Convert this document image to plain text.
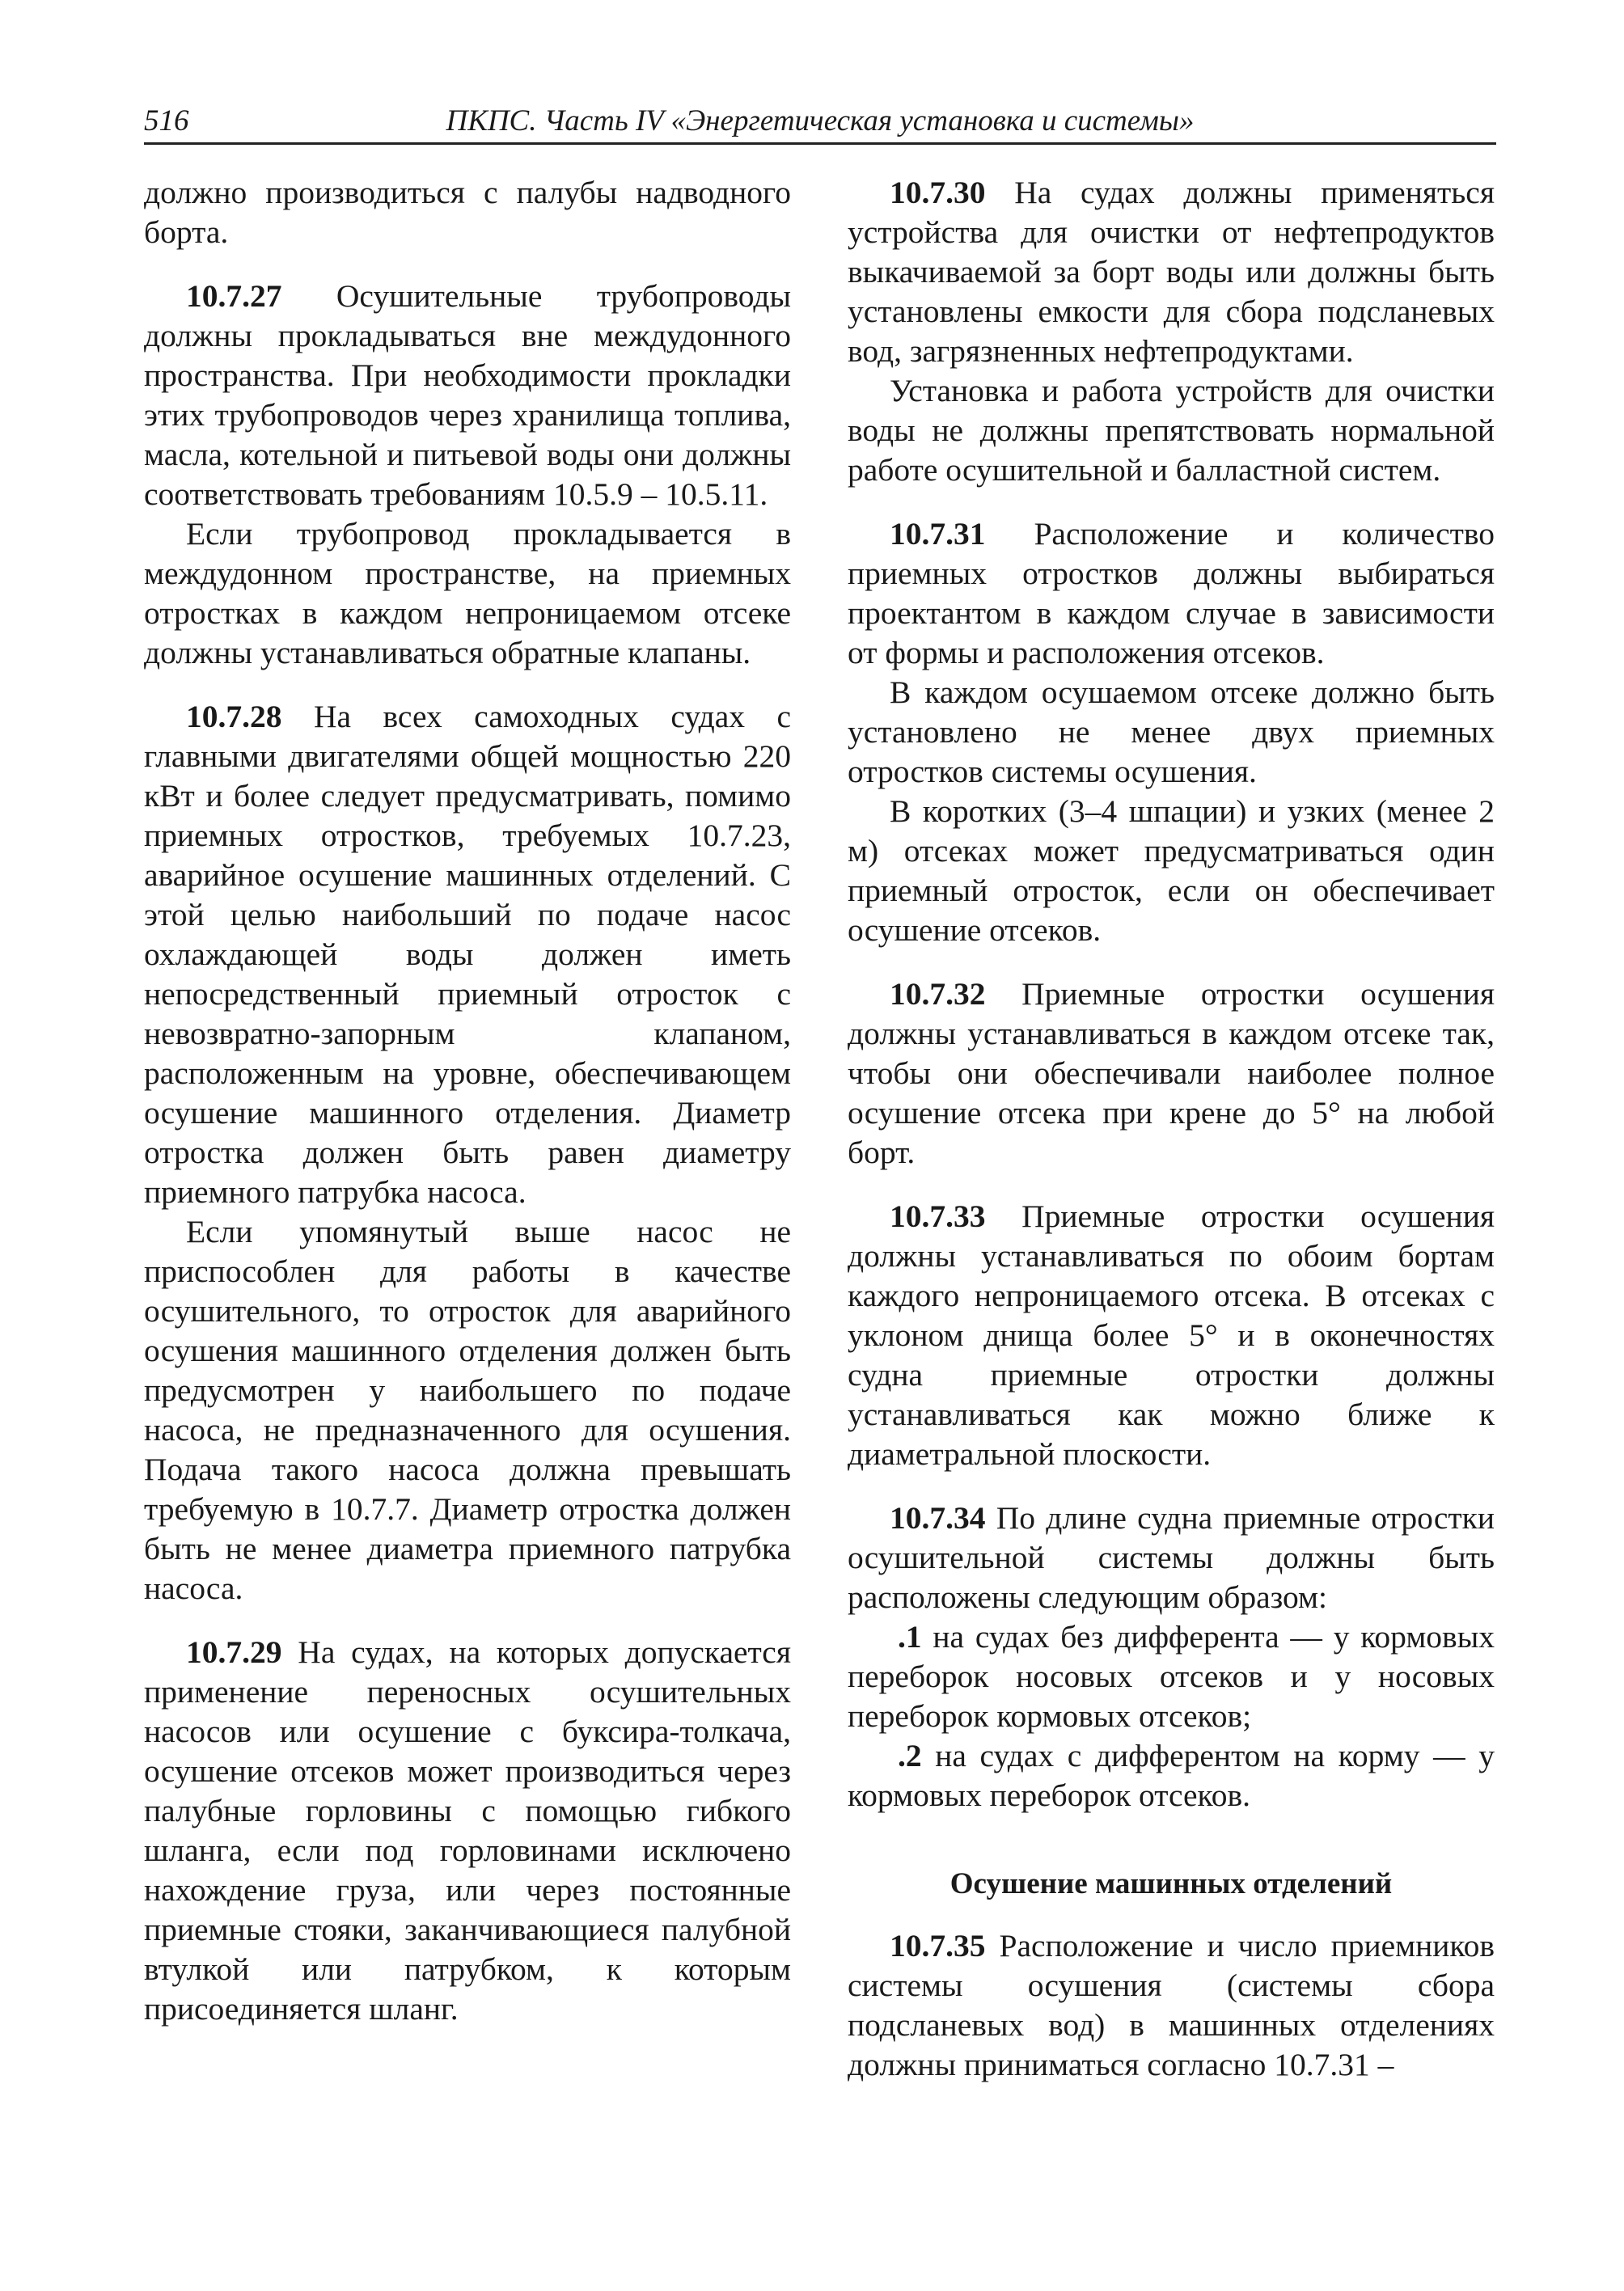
516	ПКПС. Часть IV «Энергетическая установка и системы»

должно производиться с палубы надводного борта.

10.7.27 Осушительные трубопроводы должны прокладываться вне междудонного пространства. При необходимости прокладки этих трубопроводов через хранилища топлива, масла, котельной и питьевой воды они должны соответствовать требованиям 10.5.9 – 10.5.11.

Если трубопровод прокладывается в междудонном пространстве, на приемных отростках в каждом непроницаемом отсеке должны устанавливаться обратные клапаны.

10.7.28 На всех самоходных судах с главными двигателями общей мощностью 220 кВт и более следует предусматривать, помимо приемных отростков, требуемых 10.7.23, аварийное осушение машинных отделений. С этой целью наибольший по подаче насос охлаждающей воды должен иметь непосредственный приемный отросток с невозвратно-запорным клапаном, расположенным на уровне, обеспечивающем осушение машинного отделения. Диаметр отростка должен быть равен диаметру приемного патрубка насоса.

Если упомянутый выше насос не приспособлен для работы в качестве осушительного, то отросток для аварийного осушения машинного отделения должен быть предусмотрен у наибольшего по подаче насоса, не предназначенного для осушения. Подача такого насоса должна превышать требуемую в 10.7.7. Диаметр отростка должен быть не менее диаметра приемного патрубка насоса.

10.7.29 На судах, на которых допускается применение переносных осушительных насосов или осушение с буксира-толкача, осушение отсеков может производиться через палубные горловины с помощью гибкого шланга, если под горловинами исключено нахождение груза, или через постоянные приемные стояки, заканчивающиеся палубной втулкой или патрубком, к которым присоединяется шланг.

10.7.30 На судах должны применяться устройства для очистки от нефтепродуктов выкачиваемой за борт воды или должны быть установлены емкости для сбора подсланевых вод, загрязненных нефтепродуктами.

Установка и работа устройств для очистки воды не должны препятствовать нормальной работе осушительной и балластной систем.

10.7.31 Расположение и количество приемных отростков должны выбираться проектантом в каждом случае в зависимости от формы и расположения отсеков.

В каждом осушаемом отсеке должно быть установлено не менее двух приемных отростков системы осушения.

В коротких (3–4 шпации) и узких (менее 2 м) отсеках может предусматриваться один приемный отросток, если он обеспечивает осушение отсеков.

10.7.32 Приемные отростки осушения должны устанавливаться в каждом отсеке так, чтобы они обеспечивали наиболее полное осушение отсека при крене до 5° на любой борт.

10.7.33 Приемные отростки осушения должны устанавливаться по обоим бортам каждого непроницаемого отсека. В отсеках с уклоном днища более 5° и в оконечностях судна приемные отростки должны устанавливаться как можно ближе к диаметральной плоскости.

10.7.34 По длине судна приемные отростки осушительной системы должны быть расположены следующим образом:

.1 на судах без дифферента — у кормовых переборок носовых отсеков и у носовых переборок кормовых отсеков;

.2 на судах с дифферентом на корму — у кормовых переборок отсеков.

Осушение машинных отделений

10.7.35 Расположение и число приемников системы осушения (системы сбора подсланевых вод) в машинных отделениях должны приниматься согласно 10.7.31 –
